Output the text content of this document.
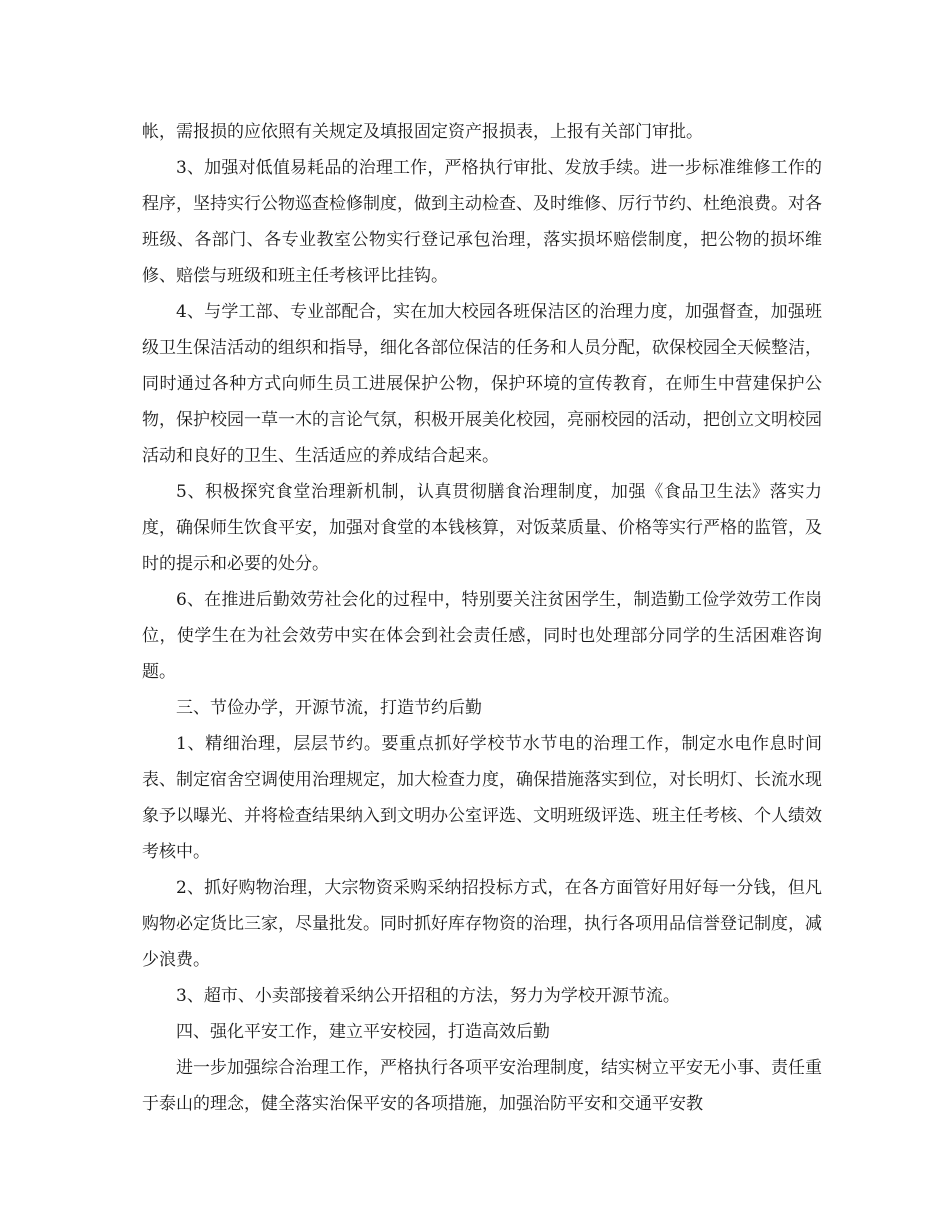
帐，需报损的应依照有关规定及填报固定资产报损表，上报有关部门审批。

3、加强对低值易耗品的治理工作，严格执行审批、发放手续。进一步标准维修工作的程序，坚持实行公物巡查检修制度，做到主动检查、及时维修、厉行节约、杜绝浪费。对各班级、各部门、各专业教室公物实行登记承包治理，落实损坏赔偿制度，把公物的损坏维修、赔偿与班级和班主任考核评比挂钩。

4、与学工部、专业部配合，实在加大校园各班保洁区的治理力度，加强督查，加强班级卫生保洁活动的组织和指导，细化各部位保洁的任务和人员分配，砍保校园全天候整洁，同时通过各种方式向师生员工进展保护公物，保护环境的宣传教育，在师生中营建保护公物，保护校园一草一木的言论气氛，积极开展美化校园，亮丽校园的活动，把创立文明校园活动和良好的卫生、生活适应的养成结合起来。

5、积极探究食堂治理新机制，认真贯彻膳食治理制度，加强《食品卫生法》落实力度，确保师生饮食平安，加强对食堂的本钱核算，对饭菜质量、价格等实行严格的监管，及时的提示和必要的处分。

6、在推进后勤效劳社会化的过程中，特别要关注贫困学生，制造勤工俭学效劳工作岗位，使学生在为社会效劳中实在体会到社会责任感，同时也处理部分同学的生活困难咨询题。

三、节俭办学，开源节流，打造节约后勤

1、精细治理，层层节约。要重点抓好学校节水节电的治理工作，制定水电作息时间表、制定宿舍空调使用治理规定，加大检查力度，确保措施落实到位，对长明灯、长流水现象予以曝光、并将检查结果纳入到文明办公室评选、文明班级评选、班主任考核、个人绩效考核中。

2、抓好购物治理，大宗物资采购采纳招投标方式，在各方面管好用好每一分钱，但凡购物必定货比三家，尽量批发。同时抓好库存物资的治理，执行各项用品信誉登记制度，减少浪费。

3、超市、小卖部接着采纳公开招租的方法，努力为学校开源节流。

四、强化平安工作，建立平安校园，打造高效后勤

进一步加强综合治理工作，严格执行各项平安治理制度，结实树立平安无小事、责任重于泰山的理念，健全落实治保平安的各项措施，加强治防平安和交通平安教
